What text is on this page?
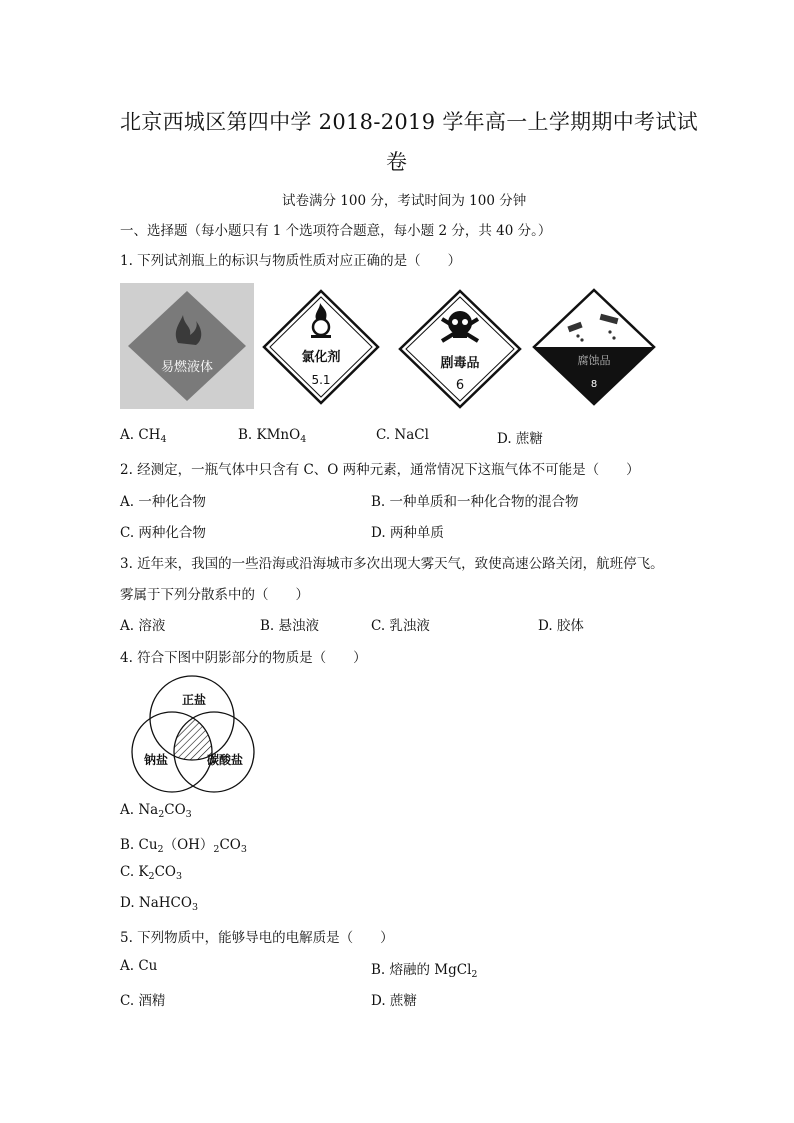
北京西城区第四中学 2018-2019 学年高一上学期期中考试试
卷
试卷满分 100 分，考试时间为 100 分钟
一、选择题（每小题只有 1 个选项符合题意，每小题 2 分，共 40 分。）
1. 下列试剂瓶上的标识与物质性质对应正确的是（　　）
易燃液体
氯化剂
5.1
剧毒品
6
腐蚀品
8
A. $CH_4$	B. KMnO$_4$	C. NaCl	D. 蔗糖
2. 经测定，一瓶气体中只含有 C、O 两种元素，通常情况下这瓶气体不可能是（　　）
A. 一种化合物	B. 一种单质和一种化合物的混合物
C. 两种化合物	D. 两种单质
3. 近年来，我国的一些沿海或沿海城市多次出现大雾天气，致使高速公路关闭，航班停飞。
雾属于下列分散系中的（　　）
A. 溶液	B. 悬浊液	C. 乳浊液	D. 胶体
4. 符合下图中阴影部分的物质是（　　）
正盐
钠盐	碳酸盐
A. $Na_2CO_3$
B. $Cu_2(OH)_2CO_3$
C. $K_2CO_3$
D. NaHCO$_3$
5. 下列物质中，能够导电的电解质是（　　）
A. Cu	B. 熔融的 MgCl$_2$
C. 酒精	D. 蔗糖
